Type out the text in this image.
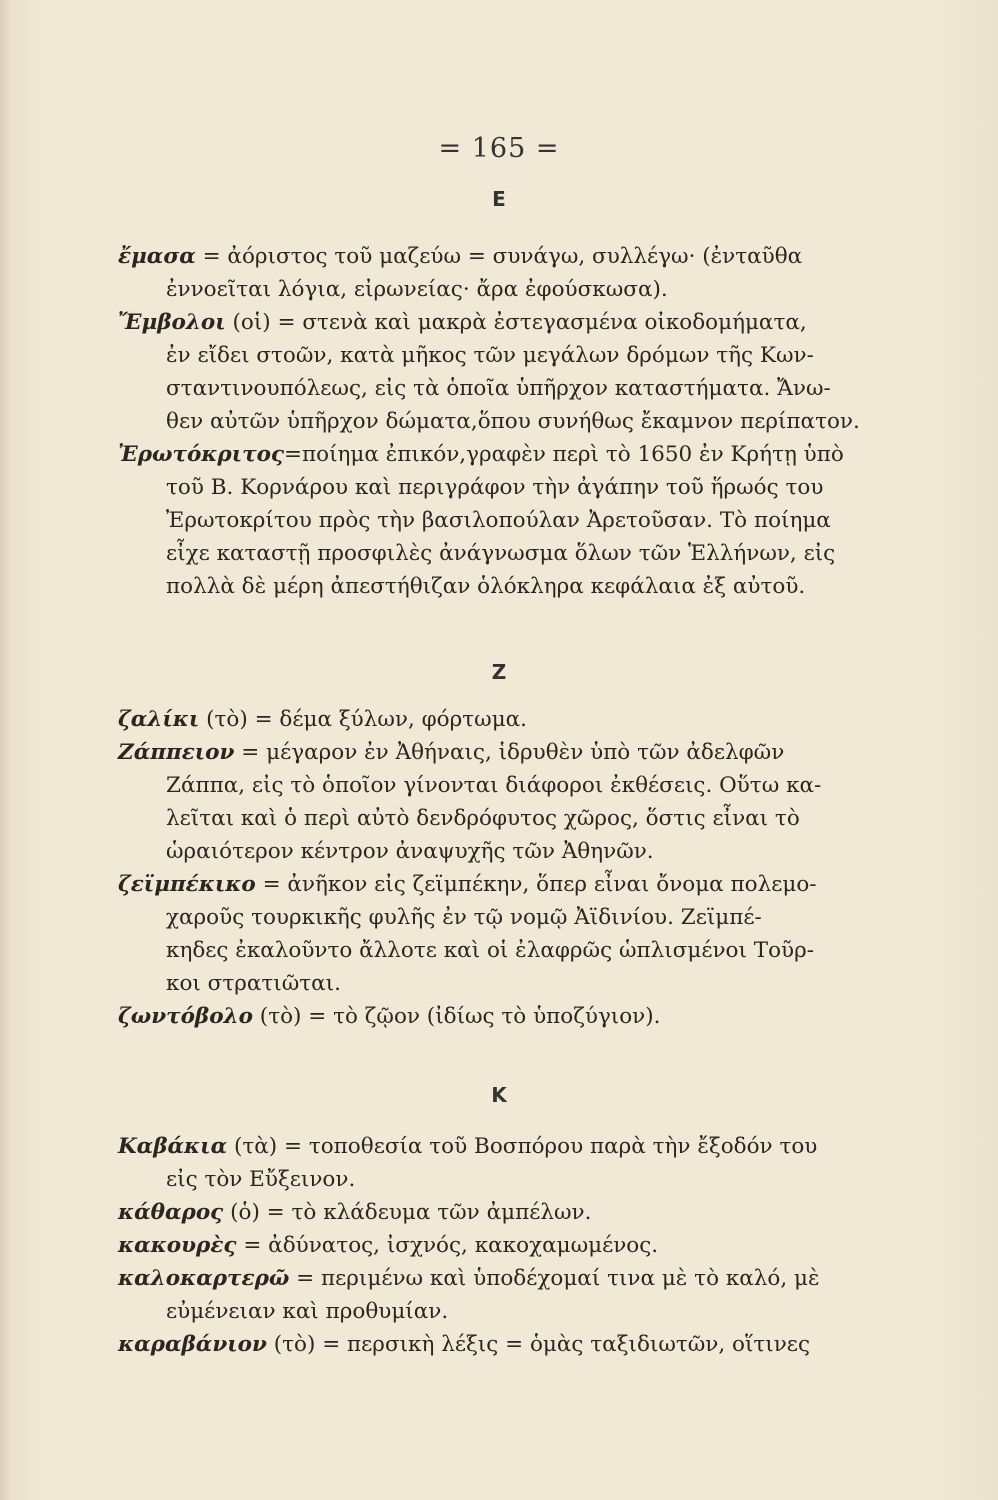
= 165 =
E

ἔμασα = ἀόριστος τοῦ μαζεύω = συνάγω, συλλέγω· (ἐνταῦθα
ἐννοεῖται λόγια, εἰρωνείας· ἄρα ἐφούσκωσα).

Ἔμβολοι (οἱ) = στενὰ καὶ μακρὰ ἐστεγασμένα οἰκοδομήματα,
ἐν εἴδει στοῶν, κατὰ μῆκος τῶν μεγάλων δρόμων τῆς Κων-
σταντινουπόλεως, εἰς τὰ ὁποῖα ὑπῆρχον καταστήματα. Ἄνω-
θεν αὐτῶν ὑπῆρχον δώματα,ὅπου συνήθως ἔκαμνον περίπατον.

Ἐρωτόκριτος=ποίημα ἐπικόν,γραφὲν περὶ τὸ 1650 ἐν Κρήτῃ ὑπὸ
τοῦ Β. Κορνάρου καὶ περιγράφον τὴν ἀγάπην τοῦ ἥρωός του
Ἐρωτοκρίτου πρὸς τὴν βασιλοπούλαν Ἀρετοῦσαν. Τὸ ποίημα
εἶχε καταστῇ προσφιλὲς ἀνάγνωσμα ὅλων τῶν Ἑλλήνων, εἰς
πολλὰ δὲ μέρη ἀπεστήθιζαν ὁλόκληρα κεφάλαια ἐξ αὐτοῦ.

Z

ζαλίκι (τὸ) = δέμα ξύλων, φόρτωμα.

Ζάππειον = μέγαρον ἐν Ἀθήναις, ἱδρυθὲν ὑπὸ τῶν ἀδελφῶν
Ζάππα, εἰς τὸ ὁποῖον γίνονται διάφοροι ἐκθέσεις. Οὕτω κα-
λεῖται καὶ ὁ περὶ αὐτὸ δενδρόφυτος χῶρος, ὅστις εἶναι τὸ
ὡραιότερον κέντρον ἀναψυχῆς τῶν Ἀθηνῶν.

ζεϊμπέκικο = ἀνῆκον εἰς ζεϊμπέκην, ὅπερ εἶναι ὄνομα πολεμο-
χαροῦς τουρκικῆς φυλῆς ἐν τῷ νομῷ Ἀϊδινίου. Ζεϊμπέ-
κηδες ἐκαλοῦντο ἄλλοτε καὶ οἱ ἐλαφρῶς ὡπλισμένοι Τοῦρ-
κοι στρατιῶται.

ζωντόβολο (τὸ) = τὸ ζῷον (ἰδίως τὸ ὑποζύγιον).

K

Καβάκια (τὰ) = τοποθεσία τοῦ Βοσπόρου παρὰ τὴν ἔξοδόν του
εἰς τὸν Εὔξεινον.

κάθαρος (ὁ) = τὸ κλάδευμα τῶν ἀμπέλων.

κακουρὲς = ἀδύνατος, ἰσχνός, κακοχαμωμένος.

καλοκαρτερῶ = περιμένω καὶ ὑποδέχομαί τινα μὲ τὸ καλό, μὲ
εὐμένειαν καὶ προθυμίαν.

καραβάνιον (τὸ) = περσικὴ λέξις = ὁμὰς ταξιδιωτῶν, οἵτινες
